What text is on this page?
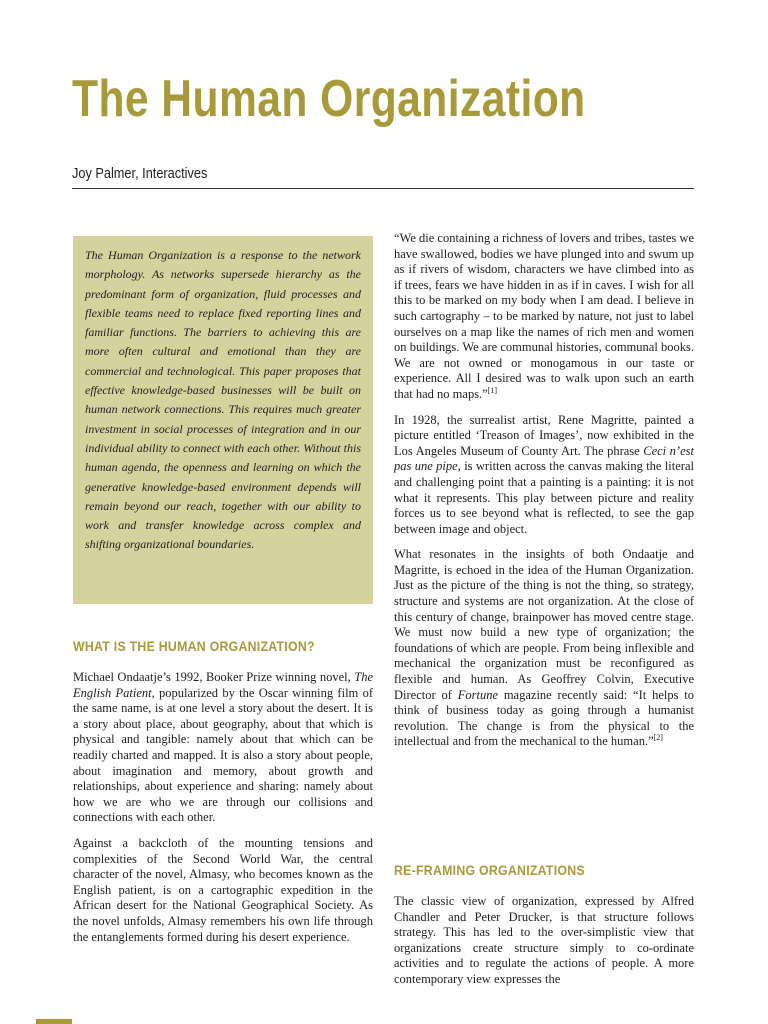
The Human Organization
Joy Palmer, Interactives

The Human Organization is a response to the network morphology. As networks supersede hierarchy as the predominant form of organization, fluid processes and flexible teams need to replace fixed reporting lines and familiar functions. The barriers to achieving this are more often cultural and emotional than they are commercial and technological. This paper proposes that effective knowledge-based businesses will be built on human network connections. This requires much greater investment in social processes of integration and in our individual ability to connect with each other. Without this human agenda, the openness and learning on which the generative knowledge-based environment depends will remain beyond our reach, together with our ability to work and transfer knowledge across complex and shifting organizational boundaries.

WHAT IS THE HUMAN ORGANIZATION?

Michael Ondaatje’s 1992, Booker Prize winning novel, The English Patient, popularized by the Oscar winning film of the same name, is at one level a story about the desert. It is a story about place, about geography, about that which is physical and tangible: namely about that which can be readily charted and mapped. It is also a story about people, about imagination and memory, about growth and relationships, about experience and sharing: namely about how we are who we are through our collisions and connections with each other.

Against a backcloth of the mounting tensions and complexities of the Second World War, the central character of the novel, Almasy, who becomes known as the English patient, is on a cartographic expedition in the African desert for the National Geographical Society. As the novel unfolds, Almasy remembers his own life through the entanglements formed during his desert experience.

“We die containing a richness of lovers and tribes, tastes we have swallowed, bodies we have plunged into and swum up as if rivers of wisdom, characters we have climbed into as if trees, fears we have hidden in as if in caves. I wish for all this to be marked on my body when I am dead. I believe in such cartography – to be marked by nature, not just to label ourselves on a map like the names of rich men and women on buildings. We are communal histories, communal books. We are not owned or monogamous in our taste or experience. All I desired was to walk upon such an earth that had no maps.”[1]

In 1928, the surrealist artist, Rene Magritte, painted a picture entitled ‘Treason of Images’, now exhibited in the Los Angeles Museum of County Art. The phrase Ceci n’est pas une pipe, is written across the canvas making the literal and challenging point that a painting is a painting: it is not what it represents. This play between picture and reality forces us to see beyond what is reflected, to see the gap between image and object.

What resonates in the insights of both Ondaatje and Magritte, is echoed in the idea of the Human Organization. Just as the picture of the thing is not the thing, so strategy, structure and systems are not organization. At the close of this century of change, brainpower has moved centre stage. We must now build a new type of organization; the foundations of which are people. From being inflexible and mechanical the organization must be reconfigured as flexible and human. As Geoffrey Colvin, Executive Director of Fortune magazine recently said: “It helps to think of business today as going through a humanist revolution. The change is from the physical to the intellectual and from the mechanical to the human.”[2]

RE-FRAMING ORGANIZATIONS

The classic view of organization, expressed by Alfred Chandler and Peter Drucker, is that structure follows strategy. This has led to the over-simplistic view that organizations create structure simply to co-ordinate activities and to regulate the actions of people. A more contemporary view expresses the
